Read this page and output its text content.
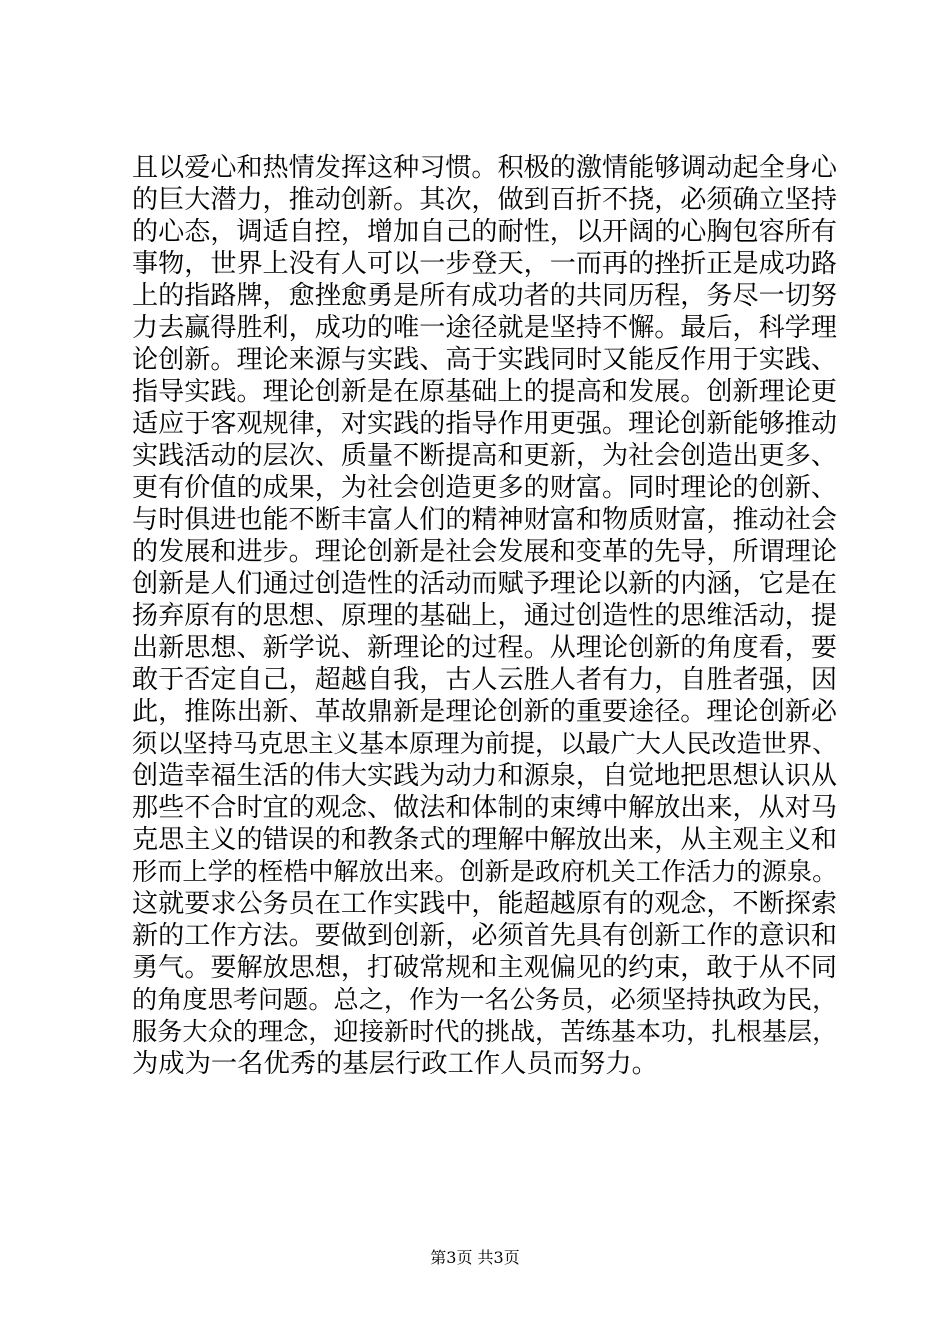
且以爱心和热情发挥这种习惯。积极的激情能够调动起全身心
的巨大潜力，推动创新。其次，做到百折不挠，必须确立坚持
的心态，调适自控，增加自己的耐性，以开阔的心胸包容所有
事物，世界上没有人可以一步登天，一而再的挫折正是成功路
上的指路牌，愈挫愈勇是所有成功者的共同历程，务尽一切努
力去赢得胜利，成功的唯一途径就是坚持不懈。最后，科学理
论创新。理论来源与实践、高于实践同时又能反作用于实践、
指导实践。理论创新是在原基础上的提高和发展。创新理论更
适应于客观规律，对实践的指导作用更强。理论创新能够推动
实践活动的层次、质量不断提高和更新，为社会创造出更多、
更有价值的成果，为社会创造更多的财富。同时理论的创新、
与时俱进也能不断丰富人们的精神财富和物质财富，推动社会
的发展和进步。理论创新是社会发展和变革的先导，所谓理论
创新是人们通过创造性的活动而赋予理论以新的内涵，它是在
扬弃原有的思想、原理的基础上，通过创造性的思维活动，提
出新思想、新学说、新理论的过程。从理论创新的角度看，要
敢于否定自己，超越自我，古人云胜人者有力，自胜者强，因
此，推陈出新、革故鼎新是理论创新的重要途径。理论创新必
须以坚持马克思主义基本原理为前提，以最广大人民改造世界、
创造幸福生活的伟大实践为动力和源泉，自觉地把思想认识从
那些不合时宜的观念、做法和体制的束缚中解放出来，从对马
克思主义的错误的和教条式的理解中解放出来，从主观主义和
形而上学的桎梏中解放出来。创新是政府机关工作活力的源泉。
这就要求公务员在工作实践中，能超越原有的观念，不断探索
新的工作方法。要做到创新，必须首先具有创新工作的意识和
勇气。要解放思想，打破常规和主观偏见的约束，敢于从不同
的角度思考问题。总之，作为一名公务员，必须坚持执政为民，
服务大众的理念，迎接新时代的挑战，苦练基本功，扎根基层，
为成为一名优秀的基层行政工作人员而努力。
第3页 共3页
